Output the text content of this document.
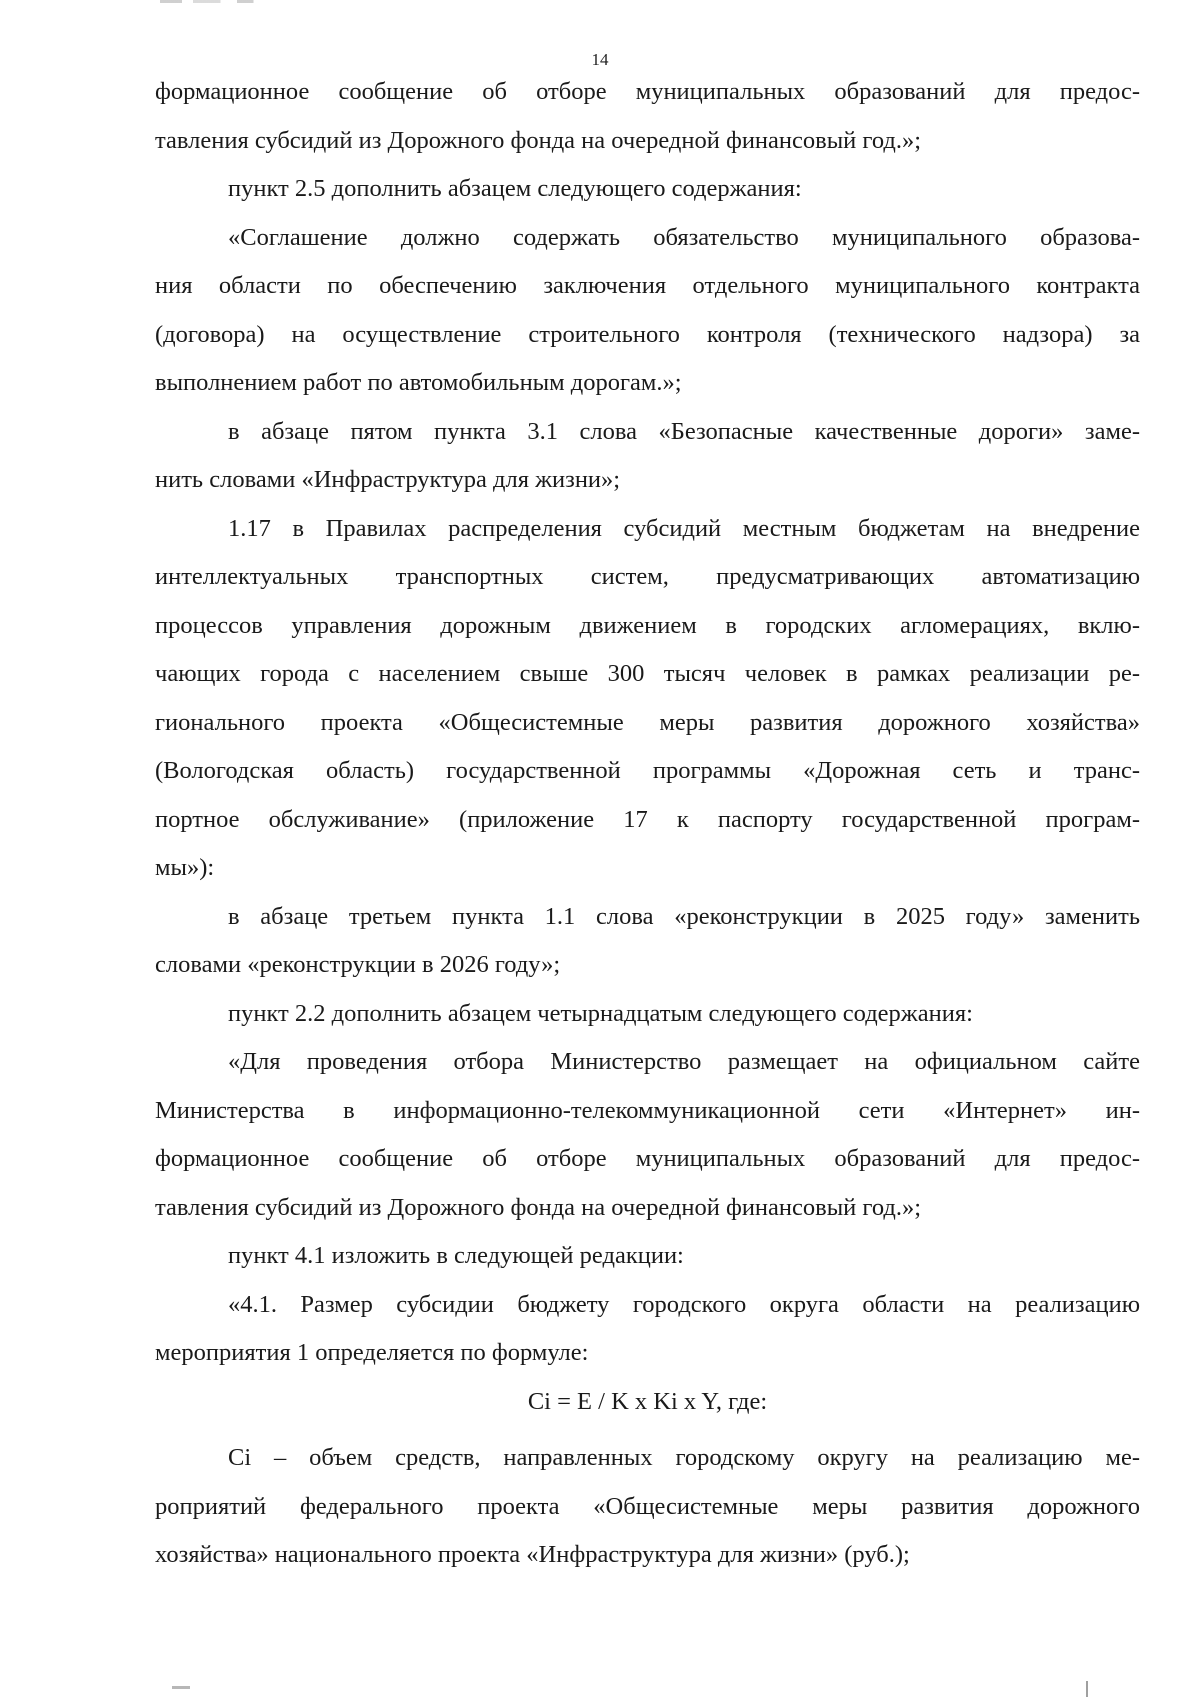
14
формационное сообщение об отборе муниципальных образований для предос-
тавления субсидий из Дорожного фонда на очередной финансовый год.»;
пункт 2.5 дополнить абзацем следующего содержания:
«Соглашение должно содержать обязательство муниципального образова-
ния области по обеспечению заключения отдельного муниципального контракта
(договора) на осуществление строительного контроля (технического надзора) за
выполнением работ по автомобильным дорогам.»;
в абзаце пятом пункта 3.1 слова «Безопасные качественные дороги» заме-
нить словами «Инфраструктура для жизни»;
1.17 в Правилах распределения субсидий местным бюджетам на внедрение
интеллектуальных транспортных систем, предусматривающих автоматизацию
процессов управления дорожным движением в городских агломерациях, вклю-
чающих города с населением свыше 300 тысяч человек в рамках реализации ре-
гионального проекта «Общесистемные меры развития дорожного хозяйства»
(Вологодская область) государственной программы «Дорожная сеть и транс-
портное обслуживание» (приложение 17 к паспорту государственной програм-
мы»):
в абзаце третьем пункта 1.1 слова «реконструкции в 2025 году» заменить
словами «реконструкции в 2026 году»;
пункт 2.2 дополнить абзацем четырнадцатым следующего содержания:
«Для проведения отбора Министерство размещает на официальном сайте
Министерства в информационно-телекоммуникационной сети «Интернет» ин-
формационное сообщение об отборе муниципальных образований для предос-
тавления субсидий из Дорожного фонда на очередной финансовый год.»;
пункт 4.1 изложить в следующей редакции:
«4.1. Размер субсидии бюджету городского округа области на реализацию
мероприятия 1 определяется по формуле:
Ci = E / K x Ki x Y, где:
Ci – объем средств, направленных городскому округу на реализацию ме-
роприятий федерального проекта «Общесистемные меры развития дорожного
хозяйства» национального проекта «Инфраструктура для жизни» (руб.);
